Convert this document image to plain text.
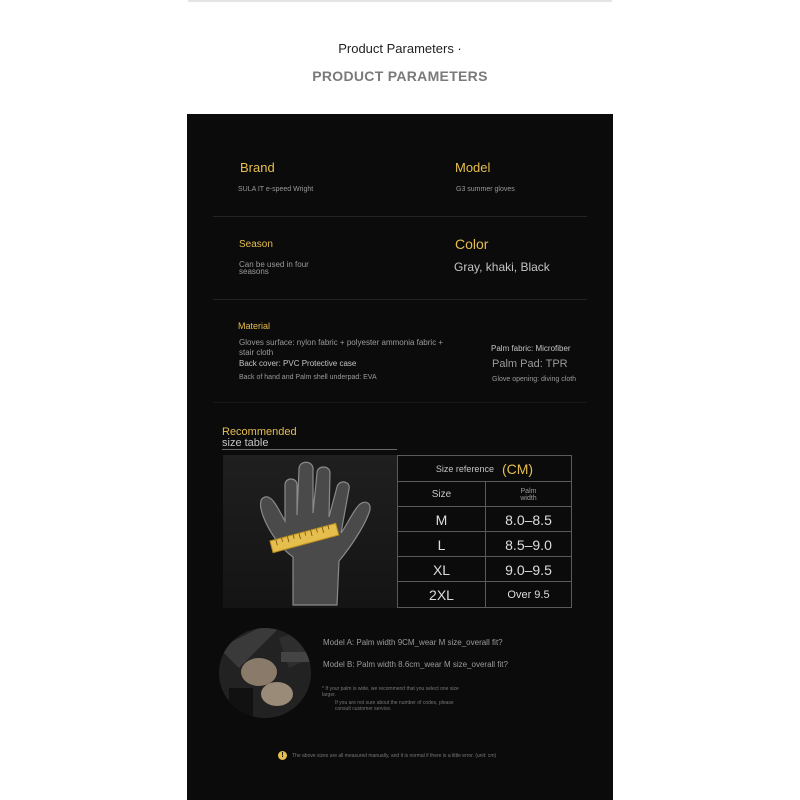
Product Parameters ·
PRODUCT PARAMETERS
Brand
SULA IT e-speed Wright
Model
G3 summer gloves
Season
Can be used in four
seasons
Color
Gray, khaki, Black
Material
Gloves surface: nylon fabric + polyester ammonia fabric +
stair cloth
Back cover: PVC Protective case
Back of hand and Palm shell underpad: EVA
Palm fabric: Microfiber
Palm Pad: TPR
Glove opening: diving cloth
Recommended
size table
Size reference (CM)
Size	Palm
width
M	8.0–8.5
L	8.5–9.0
XL	9.0–9.5
2XL	Over 9.5
Model A: Palm width 9CM_wear M size_overall fit?
Model B: Palm width 8.6cm_wear M size_overall fit?
* If your palm is wide, we recommend that you select one size
larger.
If you are not sure about the number of codes, please
consult customer service.
!	The above sizes are all measured manually, and it is normal if there is a little error. (unit: cm)
